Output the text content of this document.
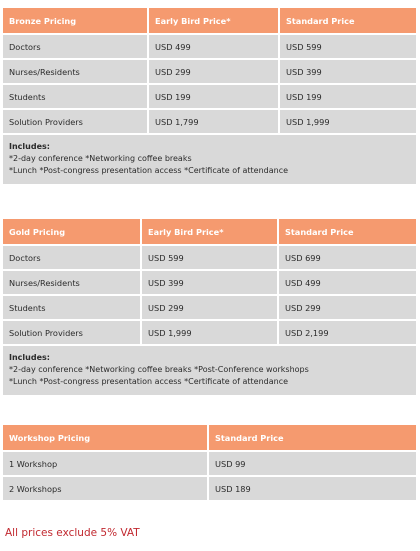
Bronze Pricing	Early Bird Price*	Standard Price
Doctors	USD 499	USD 599
Nurses/Residents	USD 299	USD 399
Students	USD 199	USD 199
Solution Providers	USD 1,799	USD 1,999

Includes:
*2-day conference *Networking coffee breaks
*Lunch *Post-congress presentation access *Certificate of attendance		
Gold Pricing	Early Bird Price*	Standard Price
Doctors	USD 599	USD 699
Nurses/Residents	USD 399	USD 499
Students	USD 299	USD 299
Solution Providers	USD 1,999	USD 2,199

Includes:
*2-day conference *Networking coffee breaks *Post-Conference workshops
*Lunch *Post-congress presentation access *Certificate of attendance		
Workshop Pricing	Standard Price
1 Workshop	USD 99
2 Workshops	USD 189
All prices exclude 5% VAT
